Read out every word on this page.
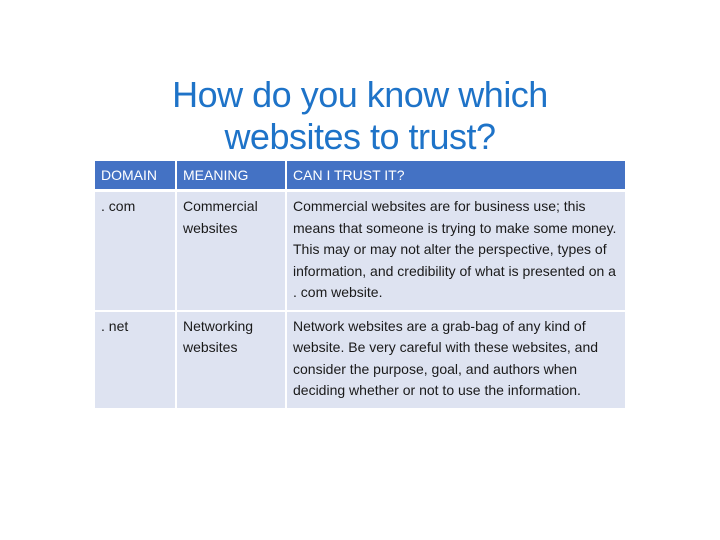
How do you know which
websites to trust?
DOMAIN	MEANING	CAN I TRUST IT?
. com	Commercial websites	Commercial websites are for business use; this means that someone is trying to make some money. This may or may not alter the perspective, types of information, and credibility of what is presented on a . com website.
. net	Networking websites	Network websites are a grab-bag of any kind of website. Be very careful with these websites, and consider the purpose, goal, and authors when deciding whether or not to use the information.
